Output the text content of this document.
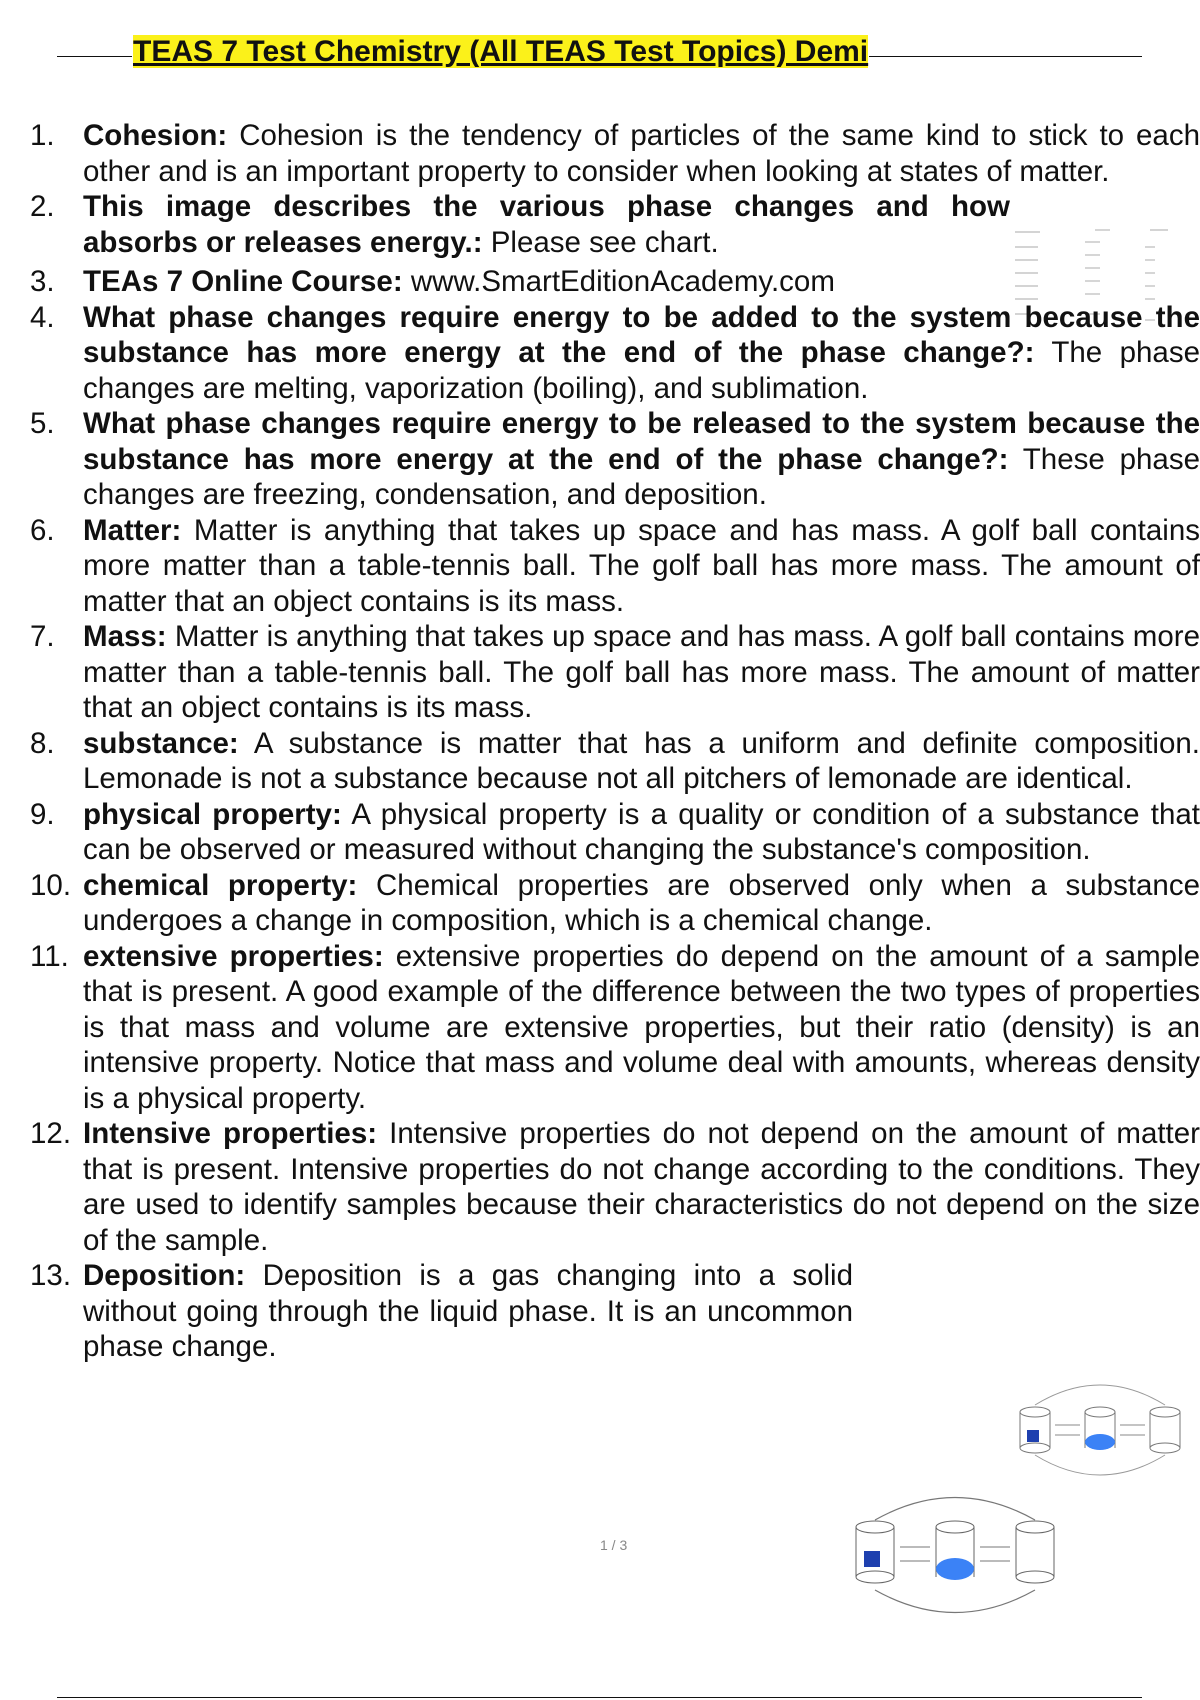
TEAS 7 Test Chemistry (All TEAS Test Topics) Demi
1. Cohesion: Cohesion is the tendency of particles of the same kind to stick to each other and is an important property to consider when looking at states of matter.
2. This image describes the various phase changes and how absorbs or releases energy.: Please see chart.
3. TEAs 7 Online Course: www.SmartEditionAcademy.com
4. What phase changes require energy to be added to the system because the substance has more energy at the end of the phase change?: The phase changes are melting, vaporization (boiling), and sublimation.
5. What phase changes require energy to be released to the system because the substance has more energy at the end of the phase change?: These phase changes are freezing, condensation, and deposition.
6. Matter: Matter is anything that takes up space and has mass. A golf ball contains more matter than a table-tennis ball. The golf ball has more mass. The amount of matter that an object contains is its mass.
7. Mass: Matter is anything that takes up space and has mass. A golf ball contains more matter than a table-tennis ball. The golf ball has more mass. The amount of matter that an object contains is its mass.
8. substance: A substance is matter that has a uniform and definite composition. Lemonade is not a substance because not all pitchers of lemonade are identical.
9. physical property: A physical property is a quality or condition of a substance that can be observed or measured without changing the substance's composition.
10. chemical property: Chemical properties are observed only when a substance undergoes a change in composition, which is a chemical change.
11. extensive properties: extensive properties do depend on the amount of a sample that is present. A good example of the difference between the two types of properties is that mass and volume are extensive properties, but their ratio (density) is an intensive property. Notice that mass and volume deal with amounts, whereas density is a physical property.
12. Intensive properties: Intensive properties do not depend on the amount of matter that is present. Intensive properties do not change according to the conditions. They are used to identify samples because their characteristics do not depend on the size of the sample.
13. Deposition: Deposition is a gas changing into a solid without going through the liquid phase. It is an uncommon phase change.
1 / 3
